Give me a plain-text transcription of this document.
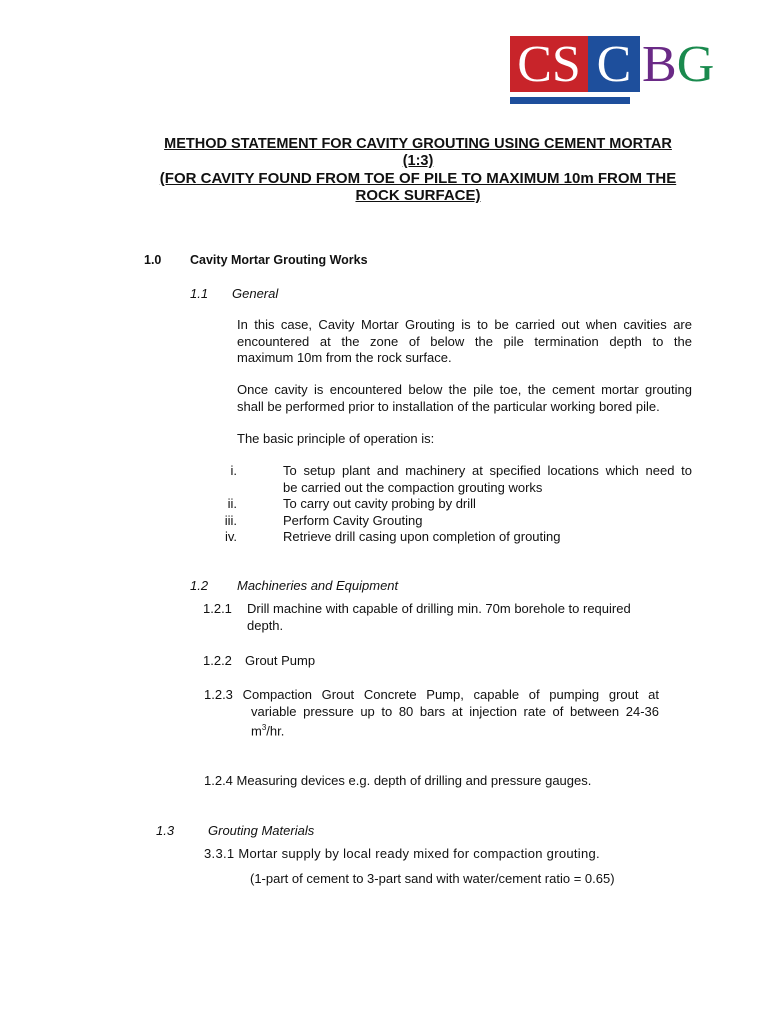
CS C BG
METHOD STATEMENT FOR CAVITY GROUTING USING CEMENT MORTAR
(1:3)
(FOR CAVITY FOUND FROM TOE OF PILE TO MAXIMUM 10m FROM THE
ROCK SURFACE)
1.0 Cavity Mortar Grouting Works
1.1 General
In this case, Cavity Mortar Grouting is to be carried out when cavities are
encountered at the zone of below the pile termination depth to the
maximum 10m from the rock surface.
Once cavity is encountered below the pile toe, the cement mortar grouting
shall be performed prior to installation of the particular working bored pile.
The basic principle of operation is:
i.	To setup plant and machinery at specified locations which need to
be carried out the compaction grouting works
ii.	To carry out cavity probing by drill
iii.	Perform Cavity Grouting
iv.	Retrieve drill casing upon completion of grouting
1.2 Machineries and Equipment
1.2.1 Drill machine with capable of drilling min. 70m borehole to required
depth.
1.2.2 Grout Pump
1.2.3 Compaction Grout Concrete Pump, capable of pumping grout at
variable pressure up to 80 bars at injection rate of between 24-36
$m^3/hr$.
1.2.4 Measuring devices e.g. depth of drilling and pressure gauges.
1.3	Grouting Materials
3.3.1 Mortar supply by local ready mixed for compaction grouting.
(1-part of cement to 3-part sand with water/cement ratio = 0.65)
